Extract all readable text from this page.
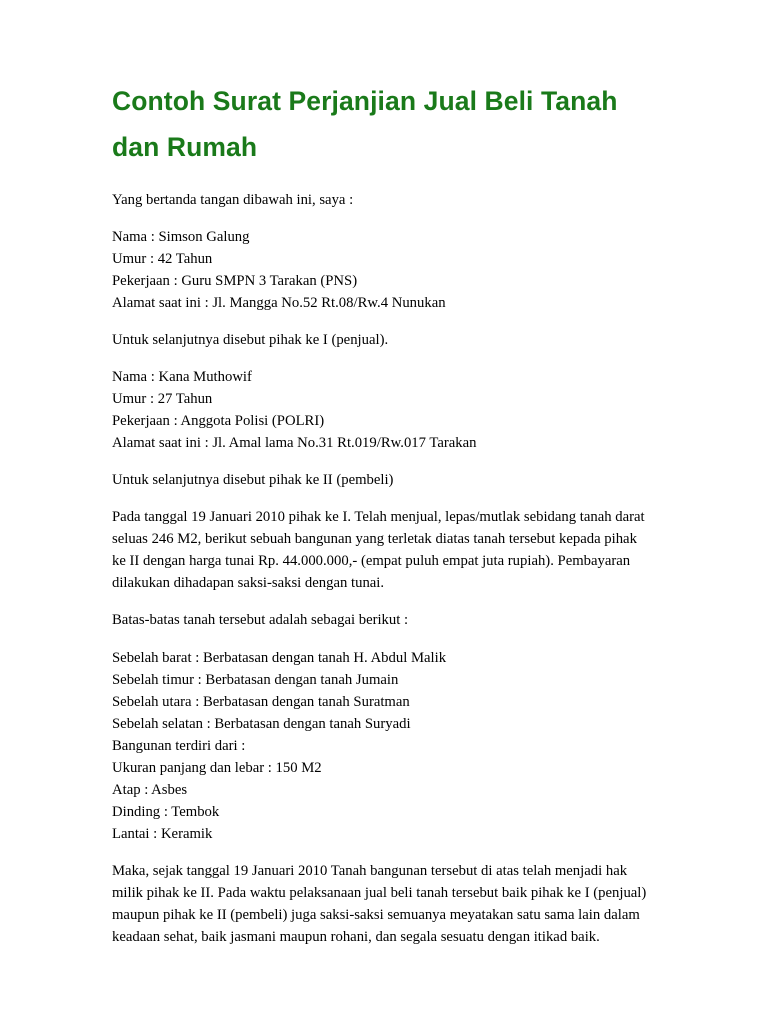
Contoh Surat Perjanjian Jual Beli Tanah dan Rumah

Yang bertanda tangan dibawah ini, saya :

Nama : Simson Galung
Umur : 42 Tahun
Pekerjaan : Guru SMPN 3 Tarakan (PNS)
Alamat saat ini : Jl. Mangga No.52 Rt.08/Rw.4 Nunukan

Untuk selanjutnya disebut pihak ke I (penjual).

Nama : Kana Muthowif
Umur : 27 Tahun
Pekerjaan : Anggota Polisi (POLRI)
Alamat saat ini : Jl. Amal lama No.31 Rt.019/Rw.017 Tarakan

Untuk selanjutnya disebut pihak ke II (pembeli)

Pada tanggal 19 Januari 2010 pihak ke I. Telah menjual, lepas/mutlak sebidang tanah darat seluas 246 M2, berikut sebuah bangunan yang terletak diatas tanah tersebut kepada pihak ke II dengan harga tunai Rp. 44.000.000,- (empat puluh empat juta rupiah). Pembayaran dilakukan dihadapan saksi-saksi dengan tunai.

Batas-batas tanah tersebut adalah sebagai berikut :

Sebelah barat : Berbatasan dengan tanah H. Abdul Malik
Sebelah timur : Berbatasan dengan tanah Jumain
Sebelah utara : Berbatasan dengan tanah Suratman
Sebelah selatan : Berbatasan dengan tanah Suryadi
Bangunan terdiri dari :
Ukuran panjang dan lebar : 150 M2
Atap : Asbes
Dinding : Tembok
Lantai : Keramik

Maka, sejak tanggal 19 Januari 2010 Tanah bangunan tersebut di atas telah menjadi hak milik pihak ke II. Pada waktu pelaksanaan jual beli tanah tersebut baik pihak ke I (penjual) maupun pihak ke II (pembeli) juga saksi-saksi semuanya meyatakan satu sama lain dalam keadaan sehat, baik jasmani maupun rohani, dan segala sesuatu dengan itikad baik.
